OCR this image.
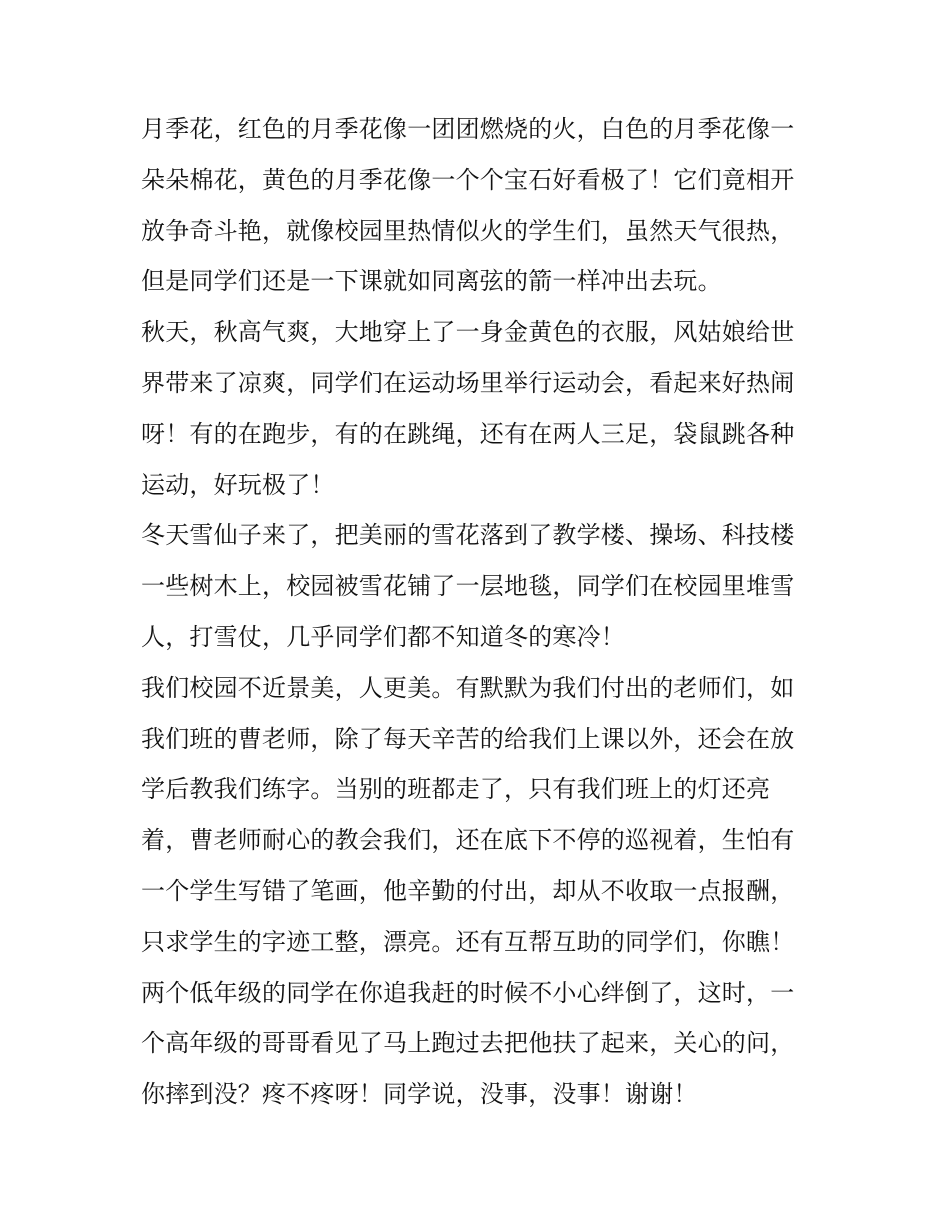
月季花，红色的月季花像一团团燃烧的火，白色的月季花像一
朵朵棉花，黄色的月季花像一个个宝石好看极了！它们竟相开
放争奇斗艳，就像校园里热情似火的学生们，虽然天气很热，
但是同学们还是一下课就如同离弦的箭一样冲出去玩。
秋天，秋高气爽，大地穿上了一身金黄色的衣服，风姑娘给世
界带来了凉爽，同学们在运动场里举行运动会，看起来好热闹
呀！有的在跑步，有的在跳绳，还有在两人三足，袋鼠跳各种
运动，好玩极了！
冬天雪仙子来了，把美丽的雪花落到了教学楼、操场、科技楼
一些树木上，校园被雪花铺了一层地毯，同学们在校园里堆雪
人，打雪仗，几乎同学们都不知道冬的寒冷！
我们校园不近景美，人更美。有默默为我们付出的老师们，如
我们班的曹老师，除了每天辛苦的给我们上课以外，还会在放
学后教我们练字。当别的班都走了，只有我们班上的灯还亮
着，曹老师耐心的教会我们，还在底下不停的巡视着，生怕有
一个学生写错了笔画，他辛勤的付出，却从不收取一点报酬，
只求学生的字迹工整，漂亮。还有互帮互助的同学们，你瞧！
两个低年级的同学在你追我赶的时候不小心绊倒了，这时，一
个高年级的哥哥看见了马上跑过去把他扶了起来，关心的问，
你摔到没？疼不疼呀！同学说，没事，没事！谢谢！
